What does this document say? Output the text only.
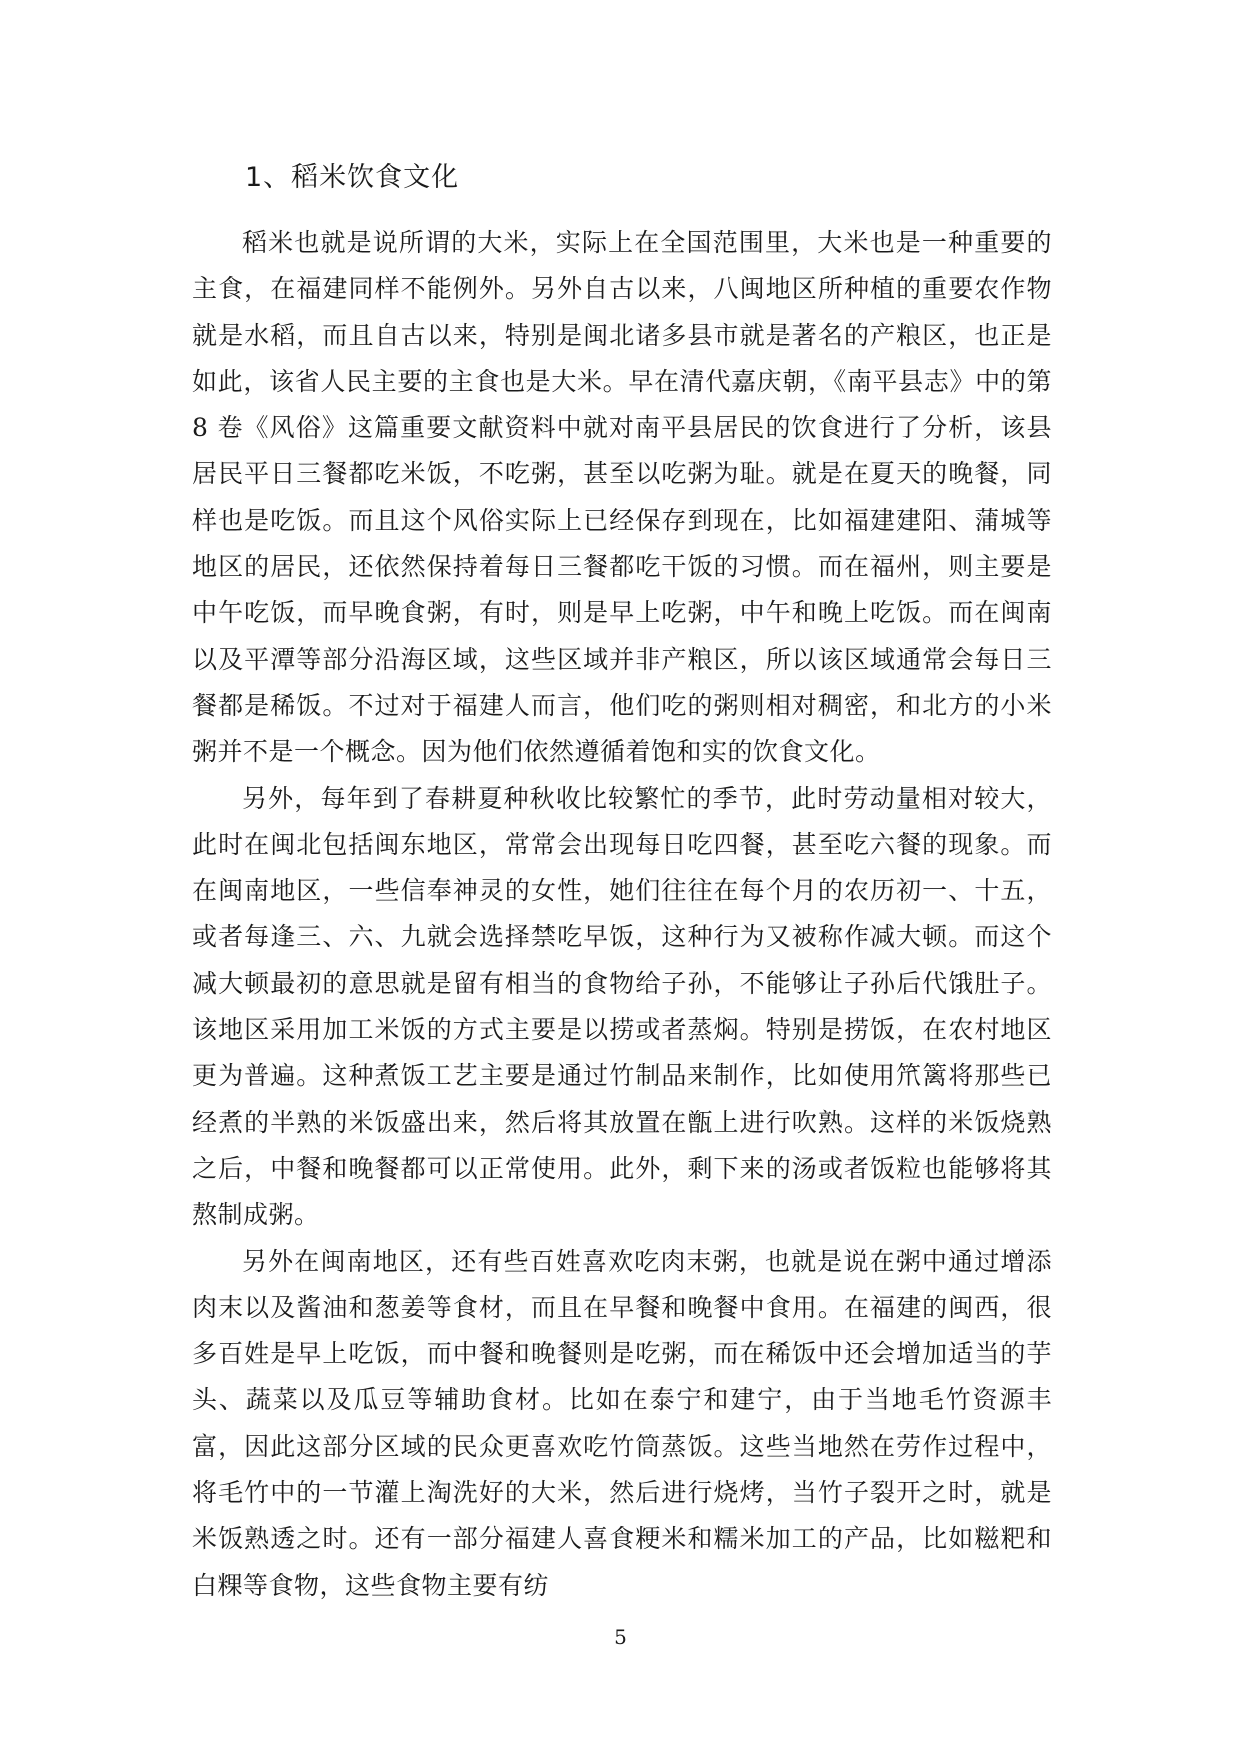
1、稻米饮食文化

稻米也就是说所谓的大米，实际上在全国范围里，大米也是一种重要的主食，在福建同样不能例外。另外自古以来，八闽地区所种植的重要农作物就是水稻，而且自古以来，特别是闽北诸多县市就是著名的产粮区，也正是如此，该省人民主要的主食也是大米。早在清代嘉庆朝，《南平县志》中的第 8 卷《风俗》这篇重要文献资料中就对南平县居民的饮食进行了分析，该县居民平日三餐都吃米饭，不吃粥，甚至以吃粥为耻。就是在夏天的晚餐，同样也是吃饭。而且这个风俗实际上已经保存到现在，比如福建建阳、蒲城等地区的居民，还依然保持着每日三餐都吃干饭的习惯。而在福州，则主要是中午吃饭，而早晚食粥，有时，则是早上吃粥，中午和晚上吃饭。而在闽南以及平潭等部分沿海区域，这些区域并非产粮区，所以该区域通常会每日三餐都是稀饭。不过对于福建人而言，他们吃的粥则相对稠密，和北方的小米粥并不是一个概念。因为他们依然遵循着饱和实的饮食文化。

另外，每年到了春耕夏种秋收比较繁忙的季节，此时劳动量相对较大，此时在闽北包括闽东地区，常常会出现每日吃四餐，甚至吃六餐的现象。而在闽南地区，一些信奉神灵的女性，她们往往在每个月的农历初一、十五，或者每逢三、六、九就会选择禁吃早饭，这种行为又被称作减大顿。而这个减大顿最初的意思就是留有相当的食物给子孙，不能够让子孙后代饿肚子。该地区采用加工米饭的方式主要是以捞或者蒸焖。特别是捞饭，在农村地区更为普遍。这种煮饭工艺主要是通过竹制品来制作，比如使用笊篱将那些已经煮的半熟的米饭盛出来，然后将其放置在甑上进行吹熟。这样的米饭烧熟之后，中餐和晚餐都可以正常使用。此外，剩下来的汤或者饭粒也能够将其熬制成粥。

另外在闽南地区，还有些百姓喜欢吃肉末粥，也就是说在粥中通过增添肉末以及酱油和葱姜等食材，而且在早餐和晚餐中食用。在福建的闽西，很多百姓是早上吃饭，而中餐和晚餐则是吃粥，而在稀饭中还会增加适当的芋头、蔬菜以及瓜豆等辅助食材。比如在泰宁和建宁，由于当地毛竹资源丰富，因此这部分区域的民众更喜欢吃竹筒蒸饭。这些当地然在劳作过程中，将毛竹中的一节灌上淘洗好的大米，然后进行烧烤，当竹子裂开之时，就是米饭熟透之时。还有一部分福建人喜食粳米和糯米加工的产品，比如糍粑和白粿等食物，这些食物主要有纺

5
